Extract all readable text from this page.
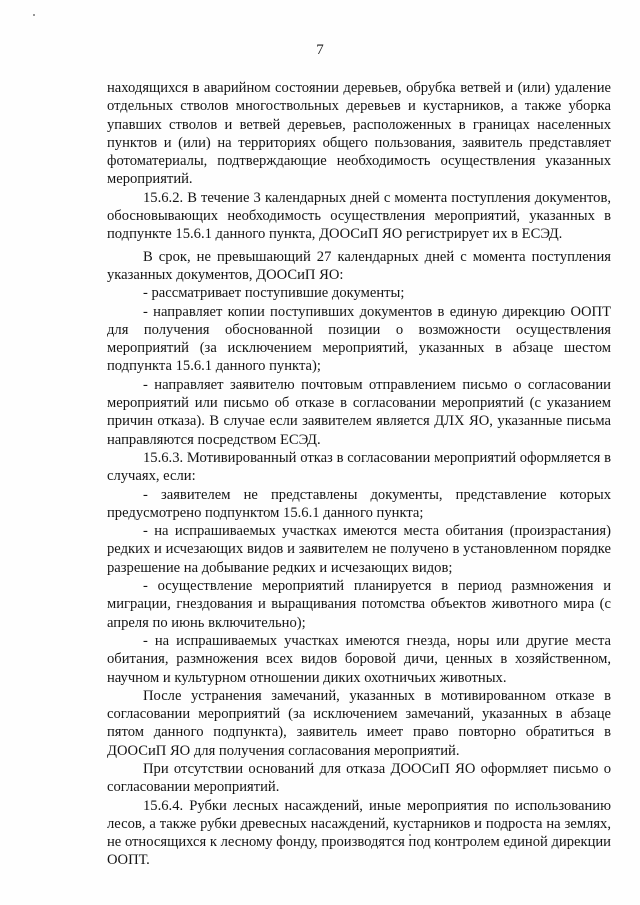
7

находящихся в аварийном состоянии деревьев, обрубка ветвей и (или) удаление отдельных стволов многоствольных деревьев и кустарников, а также уборка упавших стволов и ветвей деревьев, расположенных в границах населенных пунктов и (или) на территориях общего пользования, заявитель представляет фотоматериалы, подтверждающие необходимость осуществления указанных мероприятий.

15.6.2. В течение 3 календарных дней с момента поступления документов, обосновывающих необходимость осуществления мероприятий, указанных в подпункте 15.6.1 данного пункта, ДООСиП ЯО регистрирует их в ЕСЭД.

В срок, не превышающий 27 календарных дней с момента поступления указанных документов, ДООСиП ЯО:

- рассматривает поступившие документы;

- направляет копии поступивших документов в единую дирекцию ООПТ для получения обоснованной позиции о возможности осуществления мероприятий (за исключением мероприятий, указанных в абзаце шестом подпункта 15.6.1 данного пункта);

- направляет заявителю почтовым отправлением письмо о согласовании мероприятий или письмо об отказе в согласовании мероприятий (с указанием причин отказа). В случае если заявителем является ДЛХ ЯО, указанные письма направляются посредством ЕСЭД.

15.6.3. Мотивированный отказ в согласовании мероприятий оформляется в случаях, если:

- заявителем не представлены документы, представление которых предусмотрено подпунктом 15.6.1 данного пункта;

- на испрашиваемых участках имеются места обитания (произрастания) редких и исчезающих видов и заявителем не получено в установленном порядке разрешение на добывание редких и исчезающих видов;

- осуществление мероприятий планируется в период размножения и миграции, гнездования и выращивания потомства объектов животного мира (с апреля по июнь включительно);

- на испрашиваемых участках имеются гнезда, норы или другие места обитания, размножения всех видов боровой дичи, ценных в хозяйственном, научном и культурном отношении диких охотничьих животных.

После устранения замечаний, указанных в мотивированном отказе в согласовании мероприятий (за исключением замечаний, указанных в абзаце пятом данного подпункта), заявитель имеет право повторно обратиться в ДООСиП ЯО для получения согласования мероприятий.

При отсутствии оснований для отказа ДООСиП ЯО оформляет письмо о согласовании мероприятий.

15.6.4. Рубки лесных насаждений, иные мероприятия по использованию лесов, а также рубки древесных насаждений, кустарников и подроста на землях, не относящихся к лесному фонду, производятся под контролем единой дирекции ООПТ.
